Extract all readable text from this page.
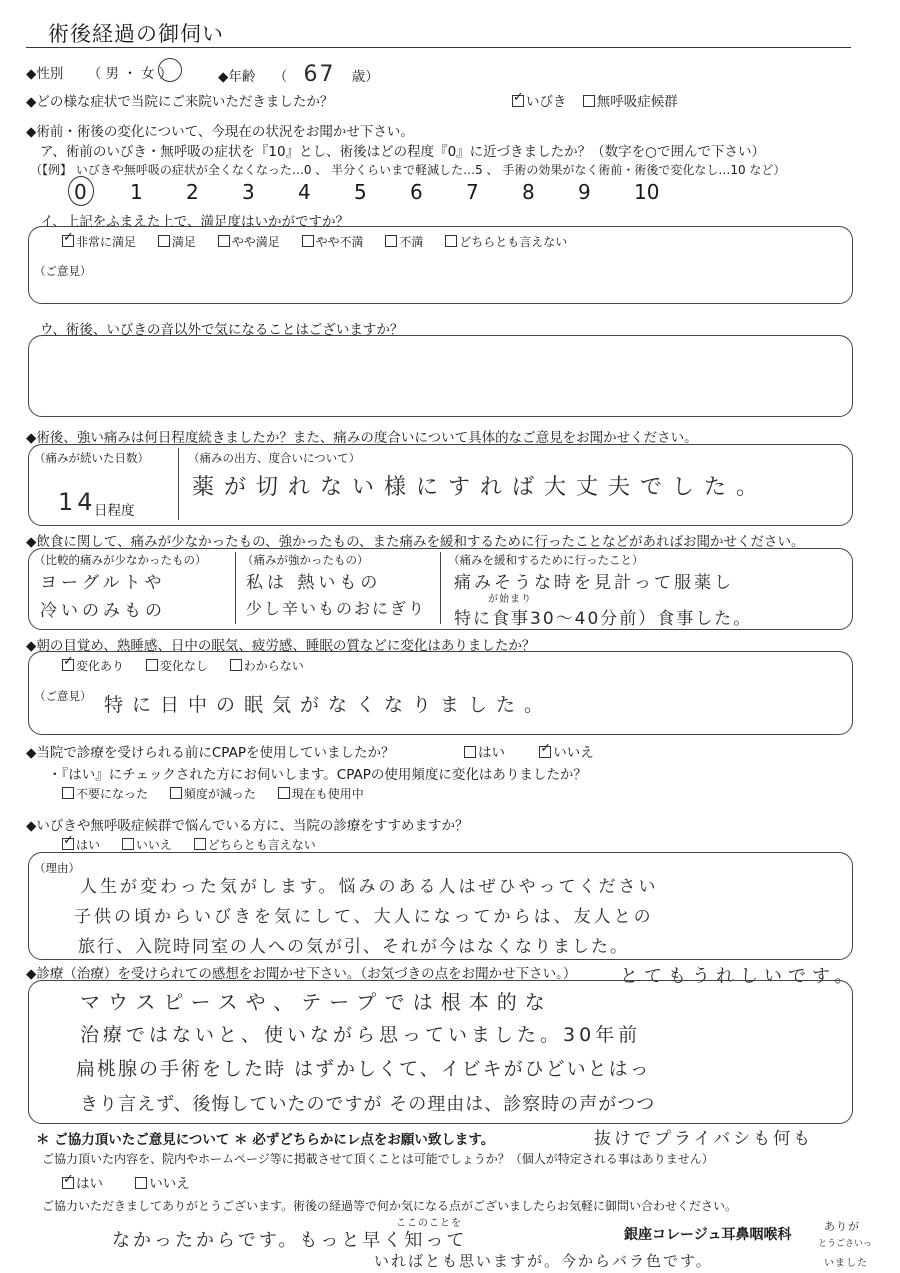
術後経過の御伺い
◆性別 （ 男 ・ 女 ）	◆年齢 （ 67 歳）
◆どの様な症状で当院にご来院いただきましたか？ ✓	いびき 無呼吸症候群
◆術前・術後の変化について、今現在の状況をお聞かせ下さい。
ア、術前のいびき・無呼吸の症状を『10』とし、術後はどの程度『0』に近づきましたか？（数字を○で囲んで下さい）
（【例】 いびきや無呼吸の症状が全くなくなった…0 、 半分くらいまで軽減した…5 、 手術の効果がなく術前・術後で変化なし…10 など）
0 1 2 3 4 5 6 7 8 9 10
イ、上記をふまえた上で、満足度はいかがですか？
✓非常に満足	満足	やや満足	やや不満	不満	どちらとも言えない
（ご意見）
ウ、術後、いびきの音以外で気になることはございますか？
◆術後、強い痛みは何日程度続きましたか？また、痛みの度合いについて具体的なご意見をお聞かせください。
（痛みが続いた日数）
14
日程度
（痛みの出方、度合いについて）
薬が切れない様にすれば大丈夫でした。
◆飲食に関して、痛みが少なかったもの、強かったもの、また痛みを緩和するために行ったことなどがあればお聞かせください。
（比較的痛みが少なかったもの）
ヨーグルトや
冷いのみもの
（痛みが強かったもの）
私は 熱いもの
少し辛いものおにぎり
（痛みを緩和するために行ったこと）
痛みそうな時を見計って服薬し
が始まり
特に食事30〜40分前）食事した。
◆朝の目覚め、熟睡感、日中の眠気、疲労感、睡眠の質などに変化はありましたか？
✓変化あり	変化なし	わからない
（ご意見） 特に日中の眠気がなくなりました。
◆当院で診療を受けられる前にCPAPを使用していましたか？	はい ✓	いいえ
・『はい』にチェックされた方にお伺いします。CPAPの使用頻度に変化はありましたか？
不要になった	頻度が減った	現在も使用中
◆いびきや無呼吸症候群で悩んでいる方に、当院の診療をすすめますか？
✓はい	いいえ	どちらとも言えない
（理由）
人生が変わった気がします。悩みのある人はぜひやってください
子供の頃からいびきを気にして、大人になってからは、友人との
旅行、入院時同室の人への気が引、それが今はなくなりました。
◆診療（治療）を受けられての感想をお聞かせ下さい。（お気づきの点をお聞かせ下さい。） とてもうれしいです。
マウスピースや、テープでは根本的な
治療ではないと、使いながら思っていました。30年前
扁桃腺の手術をした時 はずかしくて、イビキがひどいとはっ
きり言えず、後悔していたのですが その理由は、診察時の声がつつ
＊ ご協力頂いたご意見について ＊ 必ずどちらかにレ点をお願い致します。	抜けでプライバシも何も
ご協力頂いた内容を、院内やホームページ等に掲載させて頂くことは可能でしょうか？（個人が特定される事はありません）
✓はい	いいえ
ご協力いただきましてありがとうございます。術後の経過等で何か気になる点がございましたらお気軽に御問い合わせください。
ここのことを
なかったからです。もっと早く知って
いればとも思いますが。今からバラ色です。
銀座コレージュ耳鼻咽喉科
ありが
とうごさいっ
いました
